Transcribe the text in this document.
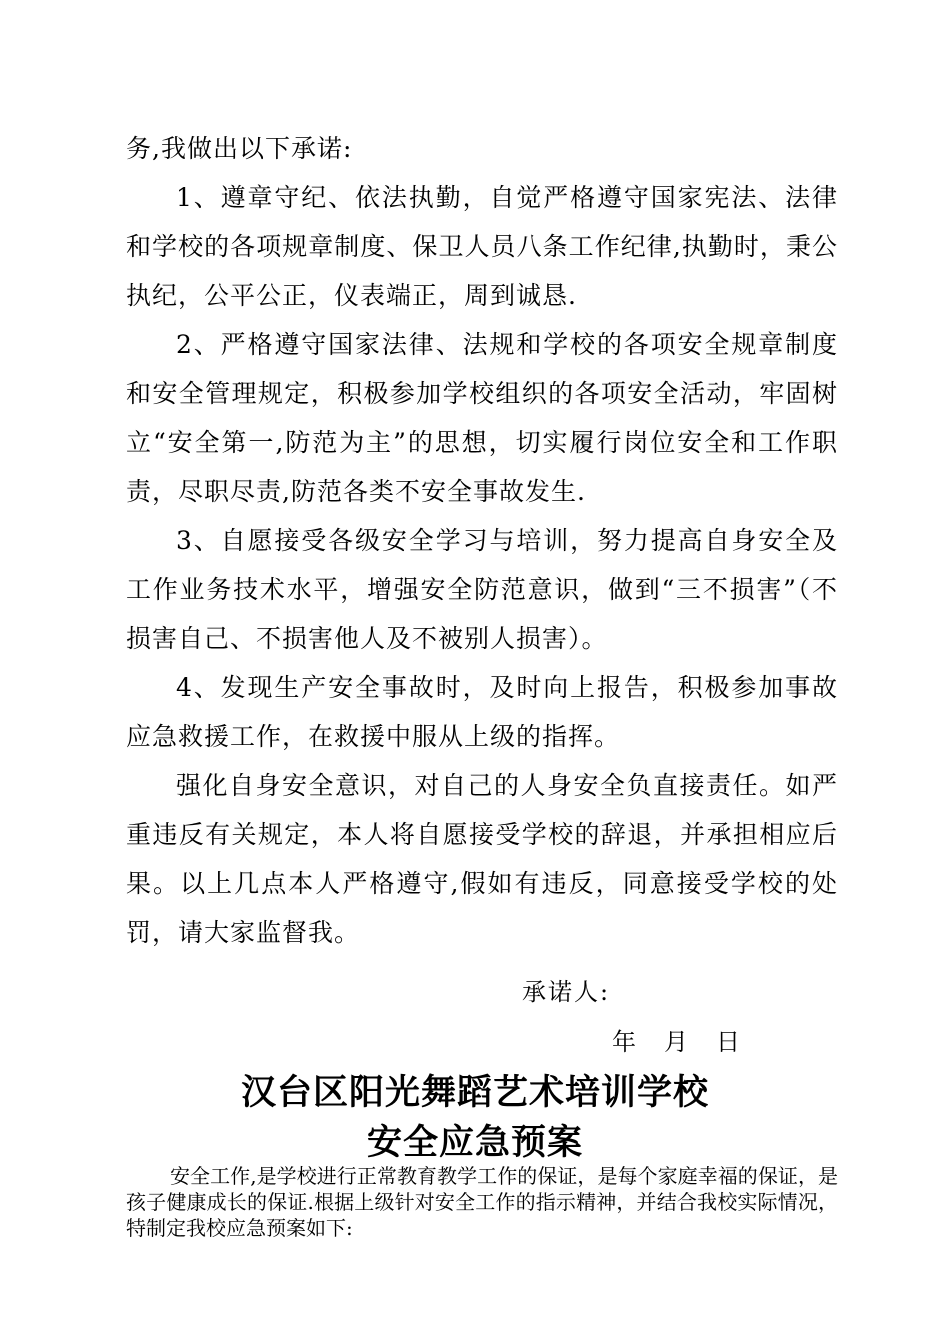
务,我做出以下承诺:

1、遵章守纪、依法执勤，自觉严格遵守国家宪法、法律和学校的各项规章制度、保卫人员八条工作纪律,执勤时，秉公执纪，公平公正，仪表端正，周到诚恳.

2、严格遵守国家法律、法规和学校的各项安全规章制度和安全管理规定，积极参加学校组织的各项安全活动，牢固树立“安全第一,防范为主”的思想，切实履行岗位安全和工作职责，尽职尽责,防范各类不安全事故发生.

3、自愿接受各级安全学习与培训，努力提高自身安全及工作业务技术水平，增强安全防范意识，做到“三不损害”（不损害自己、不损害他人及不被别人损害）。

4、发现生产安全事故时，及时向上报告，积极参加事故应急救援工作，在救援中服从上级的指挥。

强化自身安全意识，对自己的人身安全负直接责任。如严重违反有关规定，本人将自愿接受学校的辞退，并承担相应后果。以上几点本人严格遵守,假如有违反，同意接受学校的处罚，请大家监督我。

承诺人:
年 月 日
汉台区阳光舞蹈艺术培训学校
安全应急预案

安全工作,是学校进行正常教育教学工作的保证，是每个家庭幸福的保证，是孩子健康成长的保证.根据上级针对安全工作的指示精神，并结合我校实际情况，特制定我校应急预案如下:
